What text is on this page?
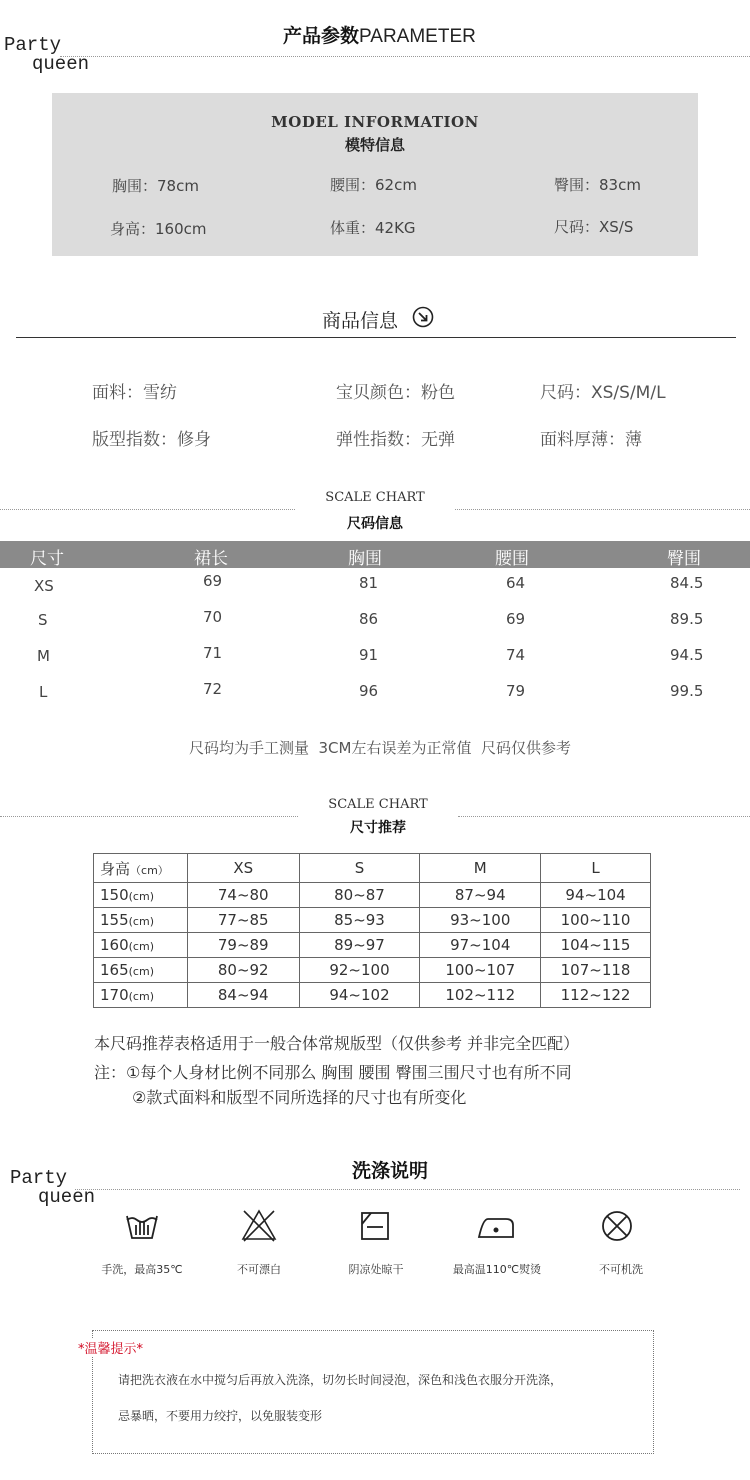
Party
queen
产品参数PARAMETER
MODEL INFORMATION
模特信息
胸围：78cm	腰围：62cm	臀围：83cm
身高：160cm	体重：42KG	尺码：XS/S
商品信息
面料：雪纺	宝贝颜色：粉色	尺码：XS/S/M/L
版型指数：修身	弹性指数：无弹	面料厚薄：薄
SCALE CHART
尺码信息
尺寸	裙长	胸围	腰围	臀围
XS	69	81	64	84.5
S	70	86	69	89.5
M	71	91	74	94.5
L	72	96	79	99.5
尺码均为手工测量  3CM左右误差为正常值  尺码仅供参考
SCALE CHART
尺寸推荐
身高（cm）	XS	S	M	L
150(cm)	74~80	80~87	87~94	94~104
155(cm)	77~85	85~93	93~100	100~110
160(cm)	79~89	89~97	97~104	104~115
165(cm)	80~92	92~100	100~107	107~118
170(cm)	84~94	94~102	102~112	112~122
本尺码推荐表格适用于一般合体常规版型（仅供参考 并非完全匹配）
注：①每个人身材比例不同那么 胸围 腰围 臀围三围尺寸也有所不同
②款式面料和版型不同所选择的尺寸也有所变化
Party
queen
洗涤说明
手洗，最高35℃	不可漂白	阴凉处晾干	最高温110℃熨烫	不可机洗
*温馨提示*
请把洗衣液在水中搅匀后再放入洗涤，切勿长时间浸泡，深色和浅色衣服分开洗涤，
忌暴晒，不要用力绞拧，以免服装变形
